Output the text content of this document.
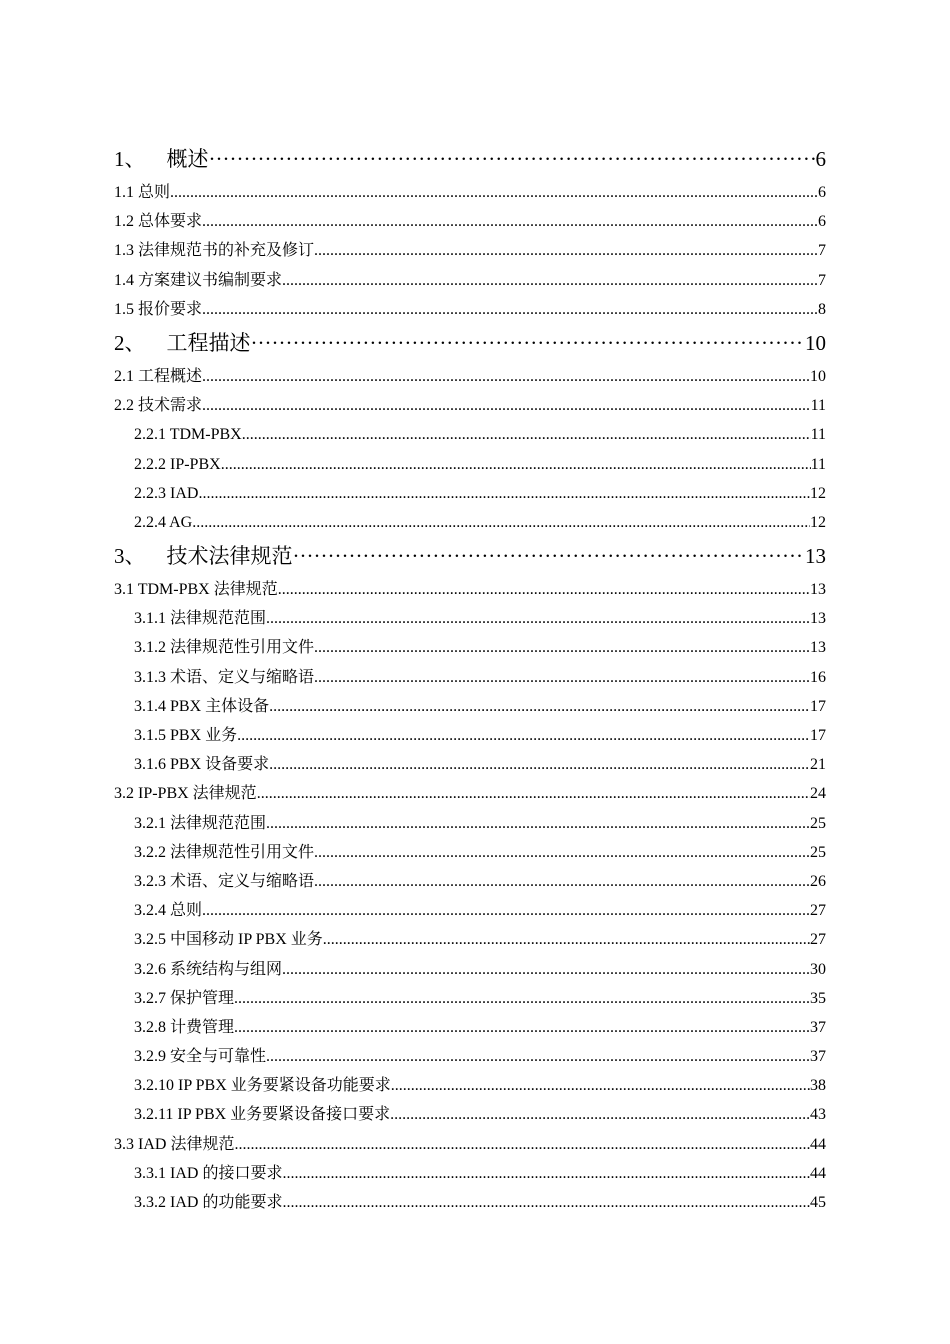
1、 概述 ·····	6
1.1 总则 .....	6
1.2 总体要求 .....	6
1.3 法律规范书的补充及修订 .....	7
1.4 方案建议书编制要求 .....	7
1.5 报价要求 .....	8
2、 工程描述 ·····	10
2.1 工程概述 .....	10
2.2 技术需求 .....	11
2.2.1 TDM-PBX .....	11
2.2.2 IP-PBX .....	11
2.2.3 IAD .....	12
2.2.4 AG .....	12
3、 技术法律规范 ·····	13
3.1 TDM-PBX 法律规范 .....	13
3.1.1 法律规范范围 .....	13
3.1.2 法律规范性引用文件 .....	13
3.1.3 术语、定义与缩略语 .....	16
3.1.4 PBX 主体设备 .....	17
3.1.5 PBX 业务 .....	17
3.1.6 PBX 设备要求 .....	21
3.2 IP-PBX 法律规范 .....	24
3.2.1 法律规范范围 .....	25
3.2.2 法律规范性引用文件 .....	25
3.2.3 术语、定义与缩略语 .....	26
3.2.4 总则 .....	27
3.2.5 中国移动 IP PBX 业务 .....	27
3.2.6 系统结构与组网 .....	30
3.2.7 保护管理 .....	35
3.2.8 计费管理 .....	37
3.2.9 安全与可靠性 .....	37
3.2.10 IP PBX 业务要紧设备功能要求 .....	38
3.2.11 IP PBX 业务要紧设备接口要求 .....	43
3.3 IAD 法律规范 .....	44
3.3.1 IAD 的接口要求 .....	44
3.3.2 IAD 的功能要求 .....	45
